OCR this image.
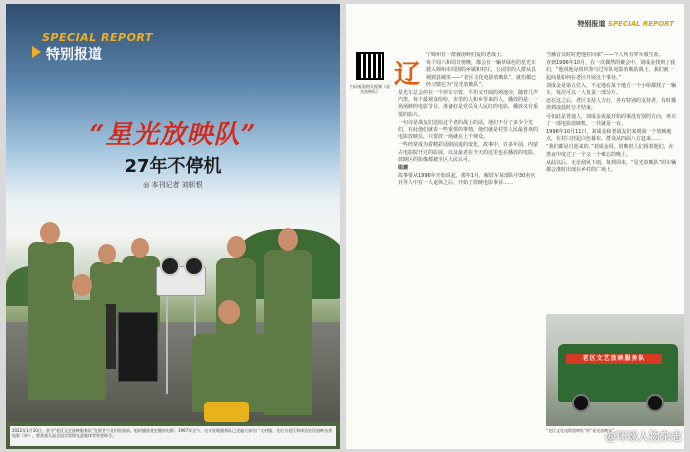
SPECIAL REPORT
特别报道
“星光放映队”
27年不停机
◎ 本刊记者 刘斩恨
2022年1月10日，驻守“老区文艺放映服务队”在陕甘宁北村驻演前，组织播放党史题材电影；1997年至今，这支驻地服务队已走遍大部分广大村镇，先后为老区和周边农民放映各类电影（单），曾获第九届全国学雷锋先进集体等荣誉称号。
特别报道 SPECIAL REPORT
扫码观看相关视频《星光放映队》
辽

宁锦州有一群被南岭们爱的老战士。

每个周六和周日傍晚，都会有一辆草绿色的星光车驶入锦州市周围的乡镇和村庄，公园里的人群从县城到县城里——“老区文化电影放映队”，就们都已经习惯它为“星光放映队”。

星光车总会停在一个停车空着、平坦又开阔的场地旁，随着几声汽笛，每个最观众纷纷，市里的人和乡里来的人，播放的是：一场场鲜的电影节目，准备好是党员及人民红的电影，播放又有重要的影片。

一句诗是战友们送给这个老的战士的话，他们不分了多少个光们，在此他们就说一些重要的事情，他们就是村里人民最喜欢的电影放映员，只要放一场就在上千观众。

一些经常成为着精彩话剧前进的变化，故事中，许多年前，内蒙古电影院开过的影展，以及最老在今天的这里也在播放的电影，放映区的影像都被全区人民认可。

组建

故事要从1996年开始说起，那年1月，解放军某部队中30名官兵等人中有一人退休之后，开始了放映电影事业……

当播音员时时把他拉回来”——个人所有穿军服生涯。

直到1996年10月，在一次偶然的聚会中，刘成金找到了我们，“他说他是组织参与过军队电影放映的战士，我们就一起商量如何在老区开展这个事业。”

刘成金是第五位入，不定地在某个地方一个小组都找了一辆车，每次可以一人负责一部分片。

还在这之后，老区支持人力行，各有特别的支持者，有时播放到凌晨时分才结束。

可如此是普通人，刘成金说最开始的事没有别的方向，再买了一部电影放映机，一共就是一台。

1996年10月11日，刘成金和老战友们来到第一个放映地点，在村口挂起白色幕布，群众从四面八方赶来……

“我们都是自愿来的。”刘成金说。放映时人们围着他们，在黑夜中度过了一个又一个难忘的晚上。

从此以后，无论刮风下雨，每到周末，“星光放映队”的车辆都会准时出现在乡村的广场上。

老区文艺放映服务队
“老区文化电影放映队”的“星光放映车”。
@环球人物杂志
